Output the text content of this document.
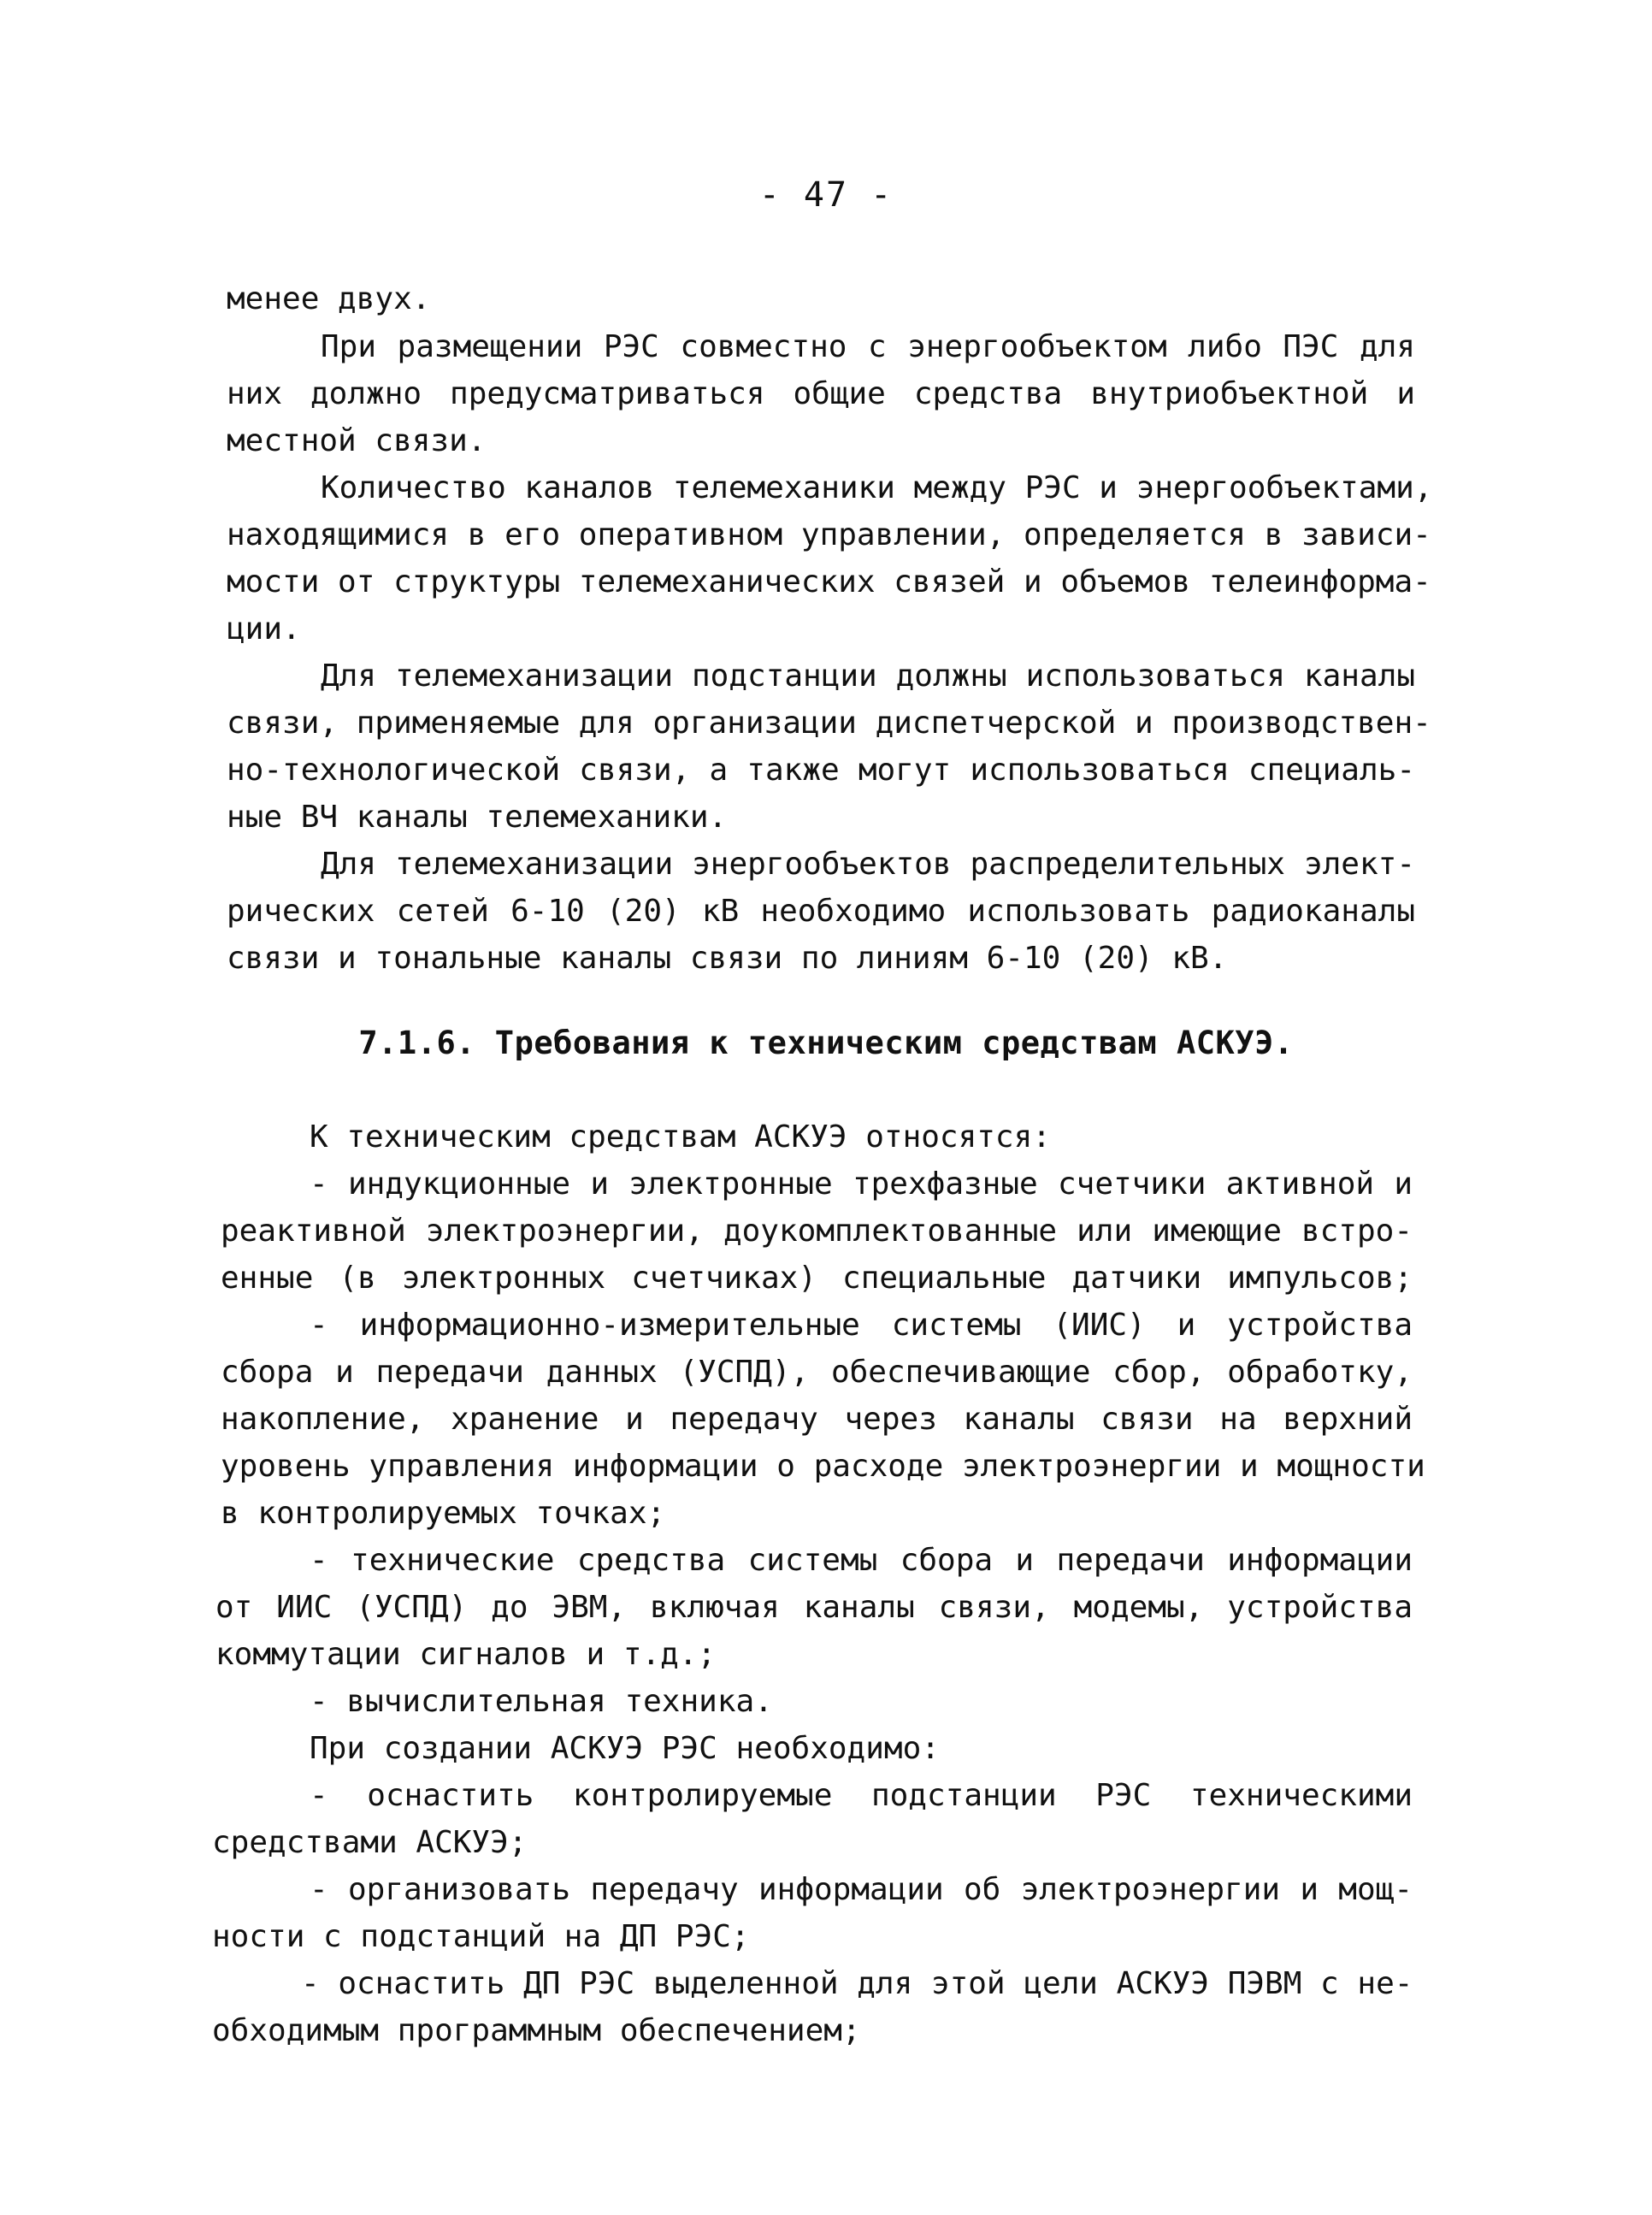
- 47 -
менее двух.
При размещении РЭС совместно с энергообъектом либо ПЭС для
них должно предусматриваться общие средства внутриобъектной и
местной связи.
Количество каналов телемеханики между РЭС и энергообъектами,
находящимися в его оперативном управлении, определяется в зависи-
мости от структуры телемеханических связей и объемов телеинформа-
ции.
Для телемеханизации подстанции должны использоваться каналы
связи, применяемые для организации диспетчерской и производствен-
но-технологической связи, а также могут использоваться специаль-
ные ВЧ каналы телемеханики.
Для телемеханизации энергообъектов распределительных элект-
рических сетей 6-10 (20) кВ необходимо использовать радиоканалы
связи и тональные каналы связи по линиям 6-10 (20) кВ.
7.1.6. Требования к техническим средствам АСКУЭ.
К техническим средствам АСКУЭ относятся:
- индукционные и электронные трехфазные счетчики активной и
реактивной электроэнергии, доукомплектованные или имеющие встро-
енные (в электронных счетчиках) специальные датчики импульсов;
- информационно-измерительные системы (ИИС) и устройства
сбора и передачи данных (УСПД), обеспечивающие сбор, обработку,
накопление, хранение и передачу через каналы связи на верхний
уровень управления информации о расходе электроэнергии и мощности
в контролируемых точках;
- технические средства системы сбора и передачи информации
от ИИС (УСПД) до ЭВМ, включая каналы связи, модемы, устройства
коммутации сигналов и т.д.;
- вычислительная техника.
При создании АСКУЭ РЭС необходимо:
- оснастить контролируемые подстанции РЭС техническими
средствами АСКУЭ;
- организовать передачу информации об электроэнергии и мощ-
ности с подстанций на ДП РЭС;
- оснастить ДП РЭС выделенной для этой цели АСКУЭ ПЭВМ с не-
обходимым программным обеспечением;
